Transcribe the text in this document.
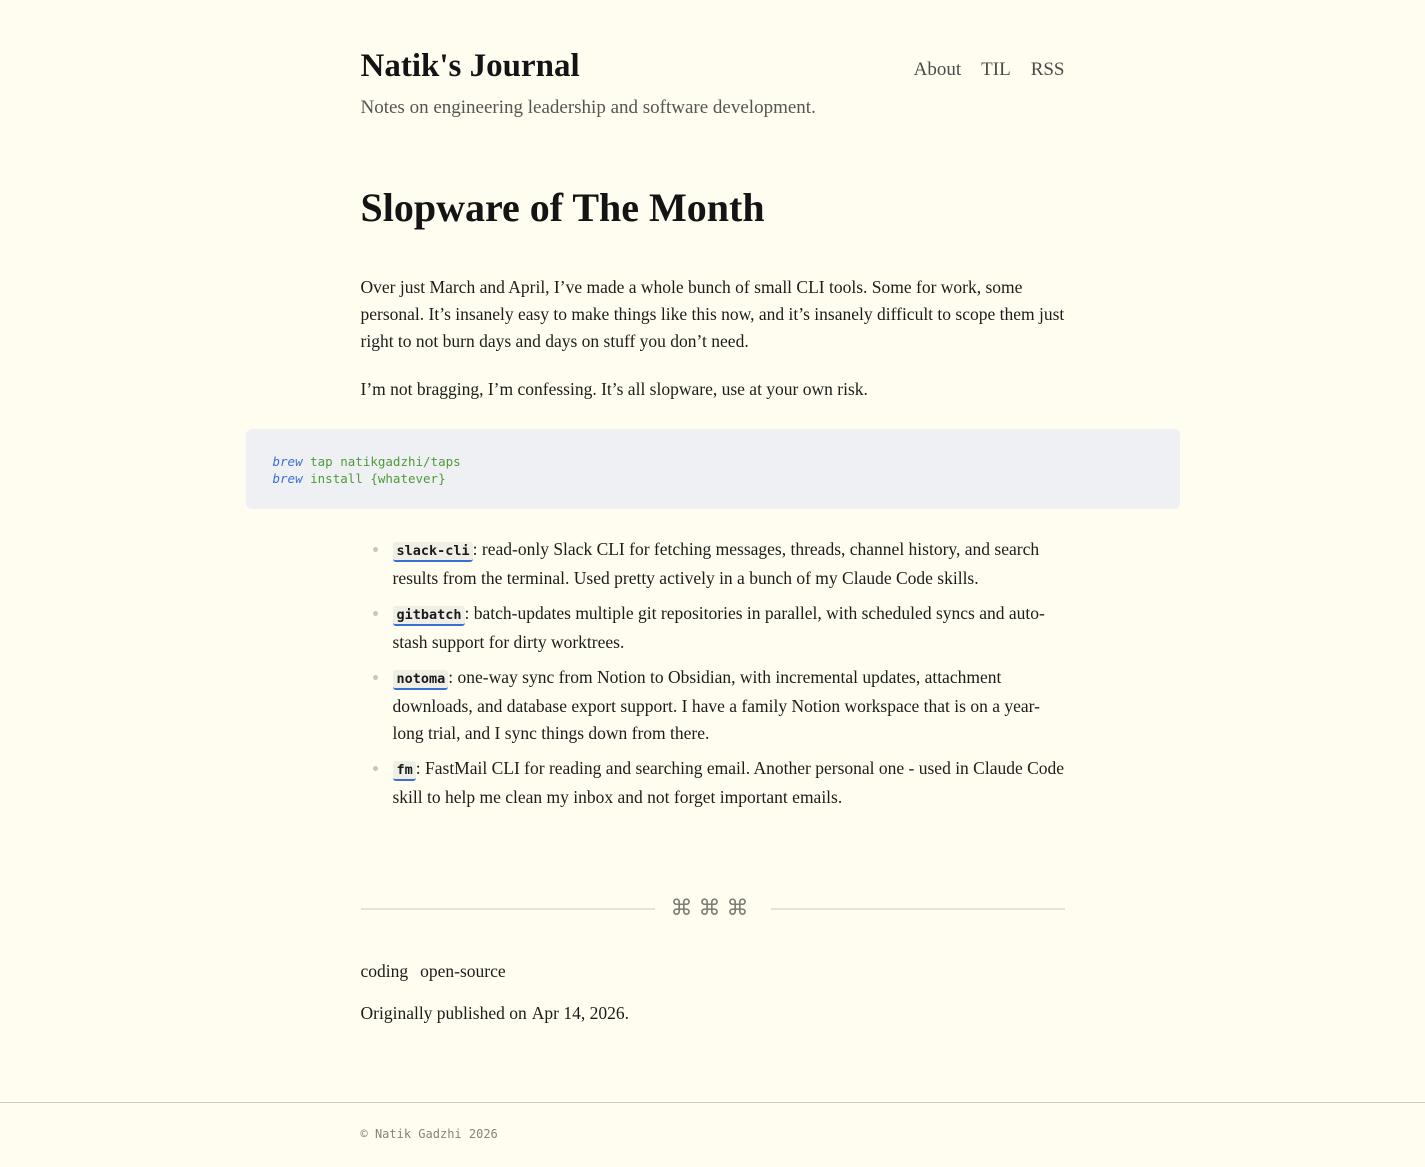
Natik's Journal
Notes on engineering leadership and software development.
About TIL RSS
Slopware of The Month

Over just March and April, I’ve made a whole bunch of small CLI tools. Some for work, some personal. It’s insanely easy to make things like this now, and it’s insanely difficult to scope them just right to not burn days and days on stuff you don’t need.

I’m not bragging, I’m confessing. It’s all slopware, use at your own risk.

brew tap natikgadzhi/taps
brew install {whatever}
slack-cli : read-only Slack CLI for fetching messages, threads, channel history, and search results from the terminal. Used pretty actively in a bunch of my Claude Code skills.
gitbatch : batch-updates multiple git repositories in parallel, with scheduled syncs and auto-stash support for dirty worktrees.
notoma : one-way sync from Notion to Obsidian, with incremental updates, attachment downloads, and database export support. I have a family Notion workspace that is on a year-long trial, and I sync things down from there.
fm : FastMail CLI for reading and searching email. Another personal one - used in Claude Code skill to help me clean my inbox and not forget important emails.
⌘⌘⌘
coding open-source
Originally published on Apr 14, 2026.
© Natik Gadzhi 2026
